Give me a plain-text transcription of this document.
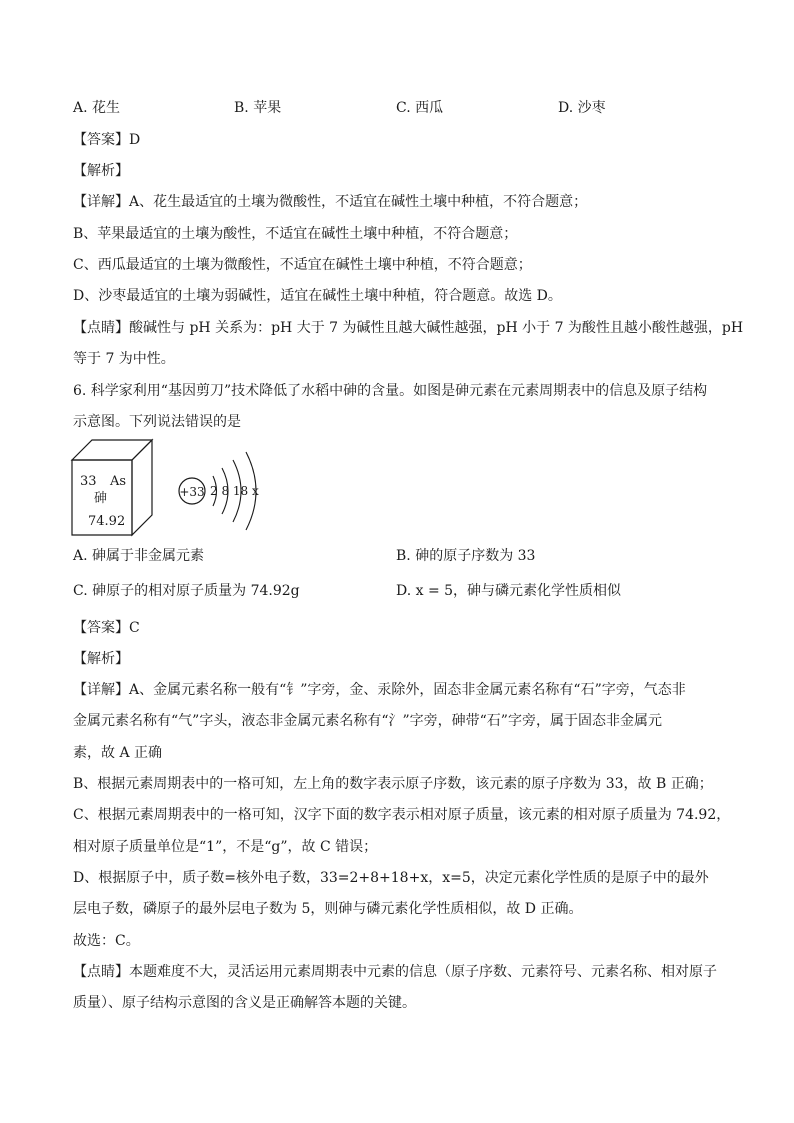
A. 花生	B. 苹果	C. 西瓜	D. 沙枣
【答案】D
【解析】
【详解】A、花生最适宜的土壤为微酸性，不适宜在碱性土壤中种植，不符合题意；
B、苹果最适宜的土壤为酸性，不适宜在碱性土壤中种植，不符合题意；
C、西瓜最适宜的土壤为微酸性，不适宜在碱性土壤中种植，不符合题意；
D、沙枣最适宜的土壤为弱碱性，适宜在碱性土壤中种植，符合题意。故选 D。
【点睛】酸碱性与 pH 关系为：pH 大于 7 为碱性且越大碱性越强，pH 小于 7 为酸性且越小酸性越强，pH
等于 7 为中性。
6. 科学家利用“基因剪刀”技术降低了水稻中砷的含量。如图是砷元素在元素周期表中的信息及原子结构
示意图。下列说法错误的是
33 As
砷
74.92
+33 2 8 18 x
A. 砷属于非金属元素	B. 砷的原子序数为 33
C. 砷原子的相对原子质量为 74.92g	D. x = 5，砷与磷元素化学性质相似
【答案】C
【解析】
【详解】A、金属元素名称一般有“钅”字旁，金、汞除外，固态非金属元素名称有“石”字旁，气态非
金属元素名称有“气”字头，液态非金属元素名称有“氵”字旁，砷带“石”字旁，属于固态非金属元
素，故 A 正确
B、根据元素周期表中的一格可知，左上角的数字表示原子序数，该元素的原子序数为 33，故 B 正确；
C、根据元素周期表中的一格可知，汉字下面的数字表示相对原子质量，该元素的相对原子质量为 74.92，
相对原子质量单位是“1”，不是“g”，故 C 错误；
D、根据原子中，质子数=核外电子数，33=2+8+18+x，x=5，决定元素化学性质的是原子中的最外
层电子数，磷原子的最外层电子数为 5，则砷与磷元素化学性质相似，故 D 正确。
故选：C。
【点睛】本题难度不大，灵活运用元素周期表中元素的信息（原子序数、元素符号、元素名称、相对原子
质量）、原子结构示意图的含义是正确解答本题的关键。
